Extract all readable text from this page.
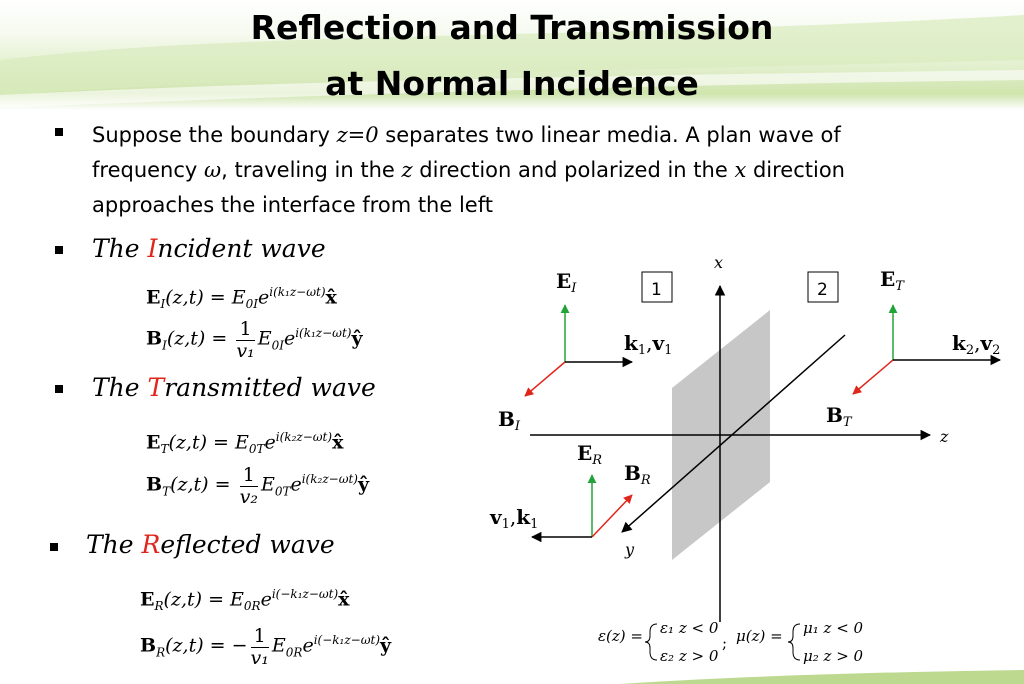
Reflection and Transmission
at Normal Incidence
Suppose the boundary z=0 separates two linear media. A plan wave of
frequency ω, traveling in the z direction and polarized in the x direction
approaches the interface from the left
The Incident wave
$E_I(z,t)$ = $E_{0I}e^{i(k_1z-\omega t)}x̂$
$B_I(z,t) = \frac{1}{\text{v₁}}$ $E_{0I}e^{i(k_1z-\omega t)}ŷ$
The Transmitted wave
$E_T(z,t)$ = $E_{0T}e^{i(k_2z-\omega t)}x̂$
$B_T(z,t) = \frac{1}{\text{v₂}}$ $E_{0T}e^{i(k_2z-\omega t)}ŷ$
The Reflected wave
$E_R(z,t)$ = $E_{0R}e^{i(-k_1z-\omega t)}x̂$
$B_R(z,t)$ = − $\frac{1}{\text{v₁}}$ $E_{0R}e^{i(-k_1z-\omega t)}ŷ$
x
z
y
1	2
$E_I$
$B_I$
$k_1,v_1$
$E_T$
$B_T$
$k_2,v_2$
$E_R$
$B_R$
$v_1,k_1$
ε(z) = ε₁ z < 0
ε₂ z > 0
; μ(z) = μ₁ z < 0
μ₂ z > 0
